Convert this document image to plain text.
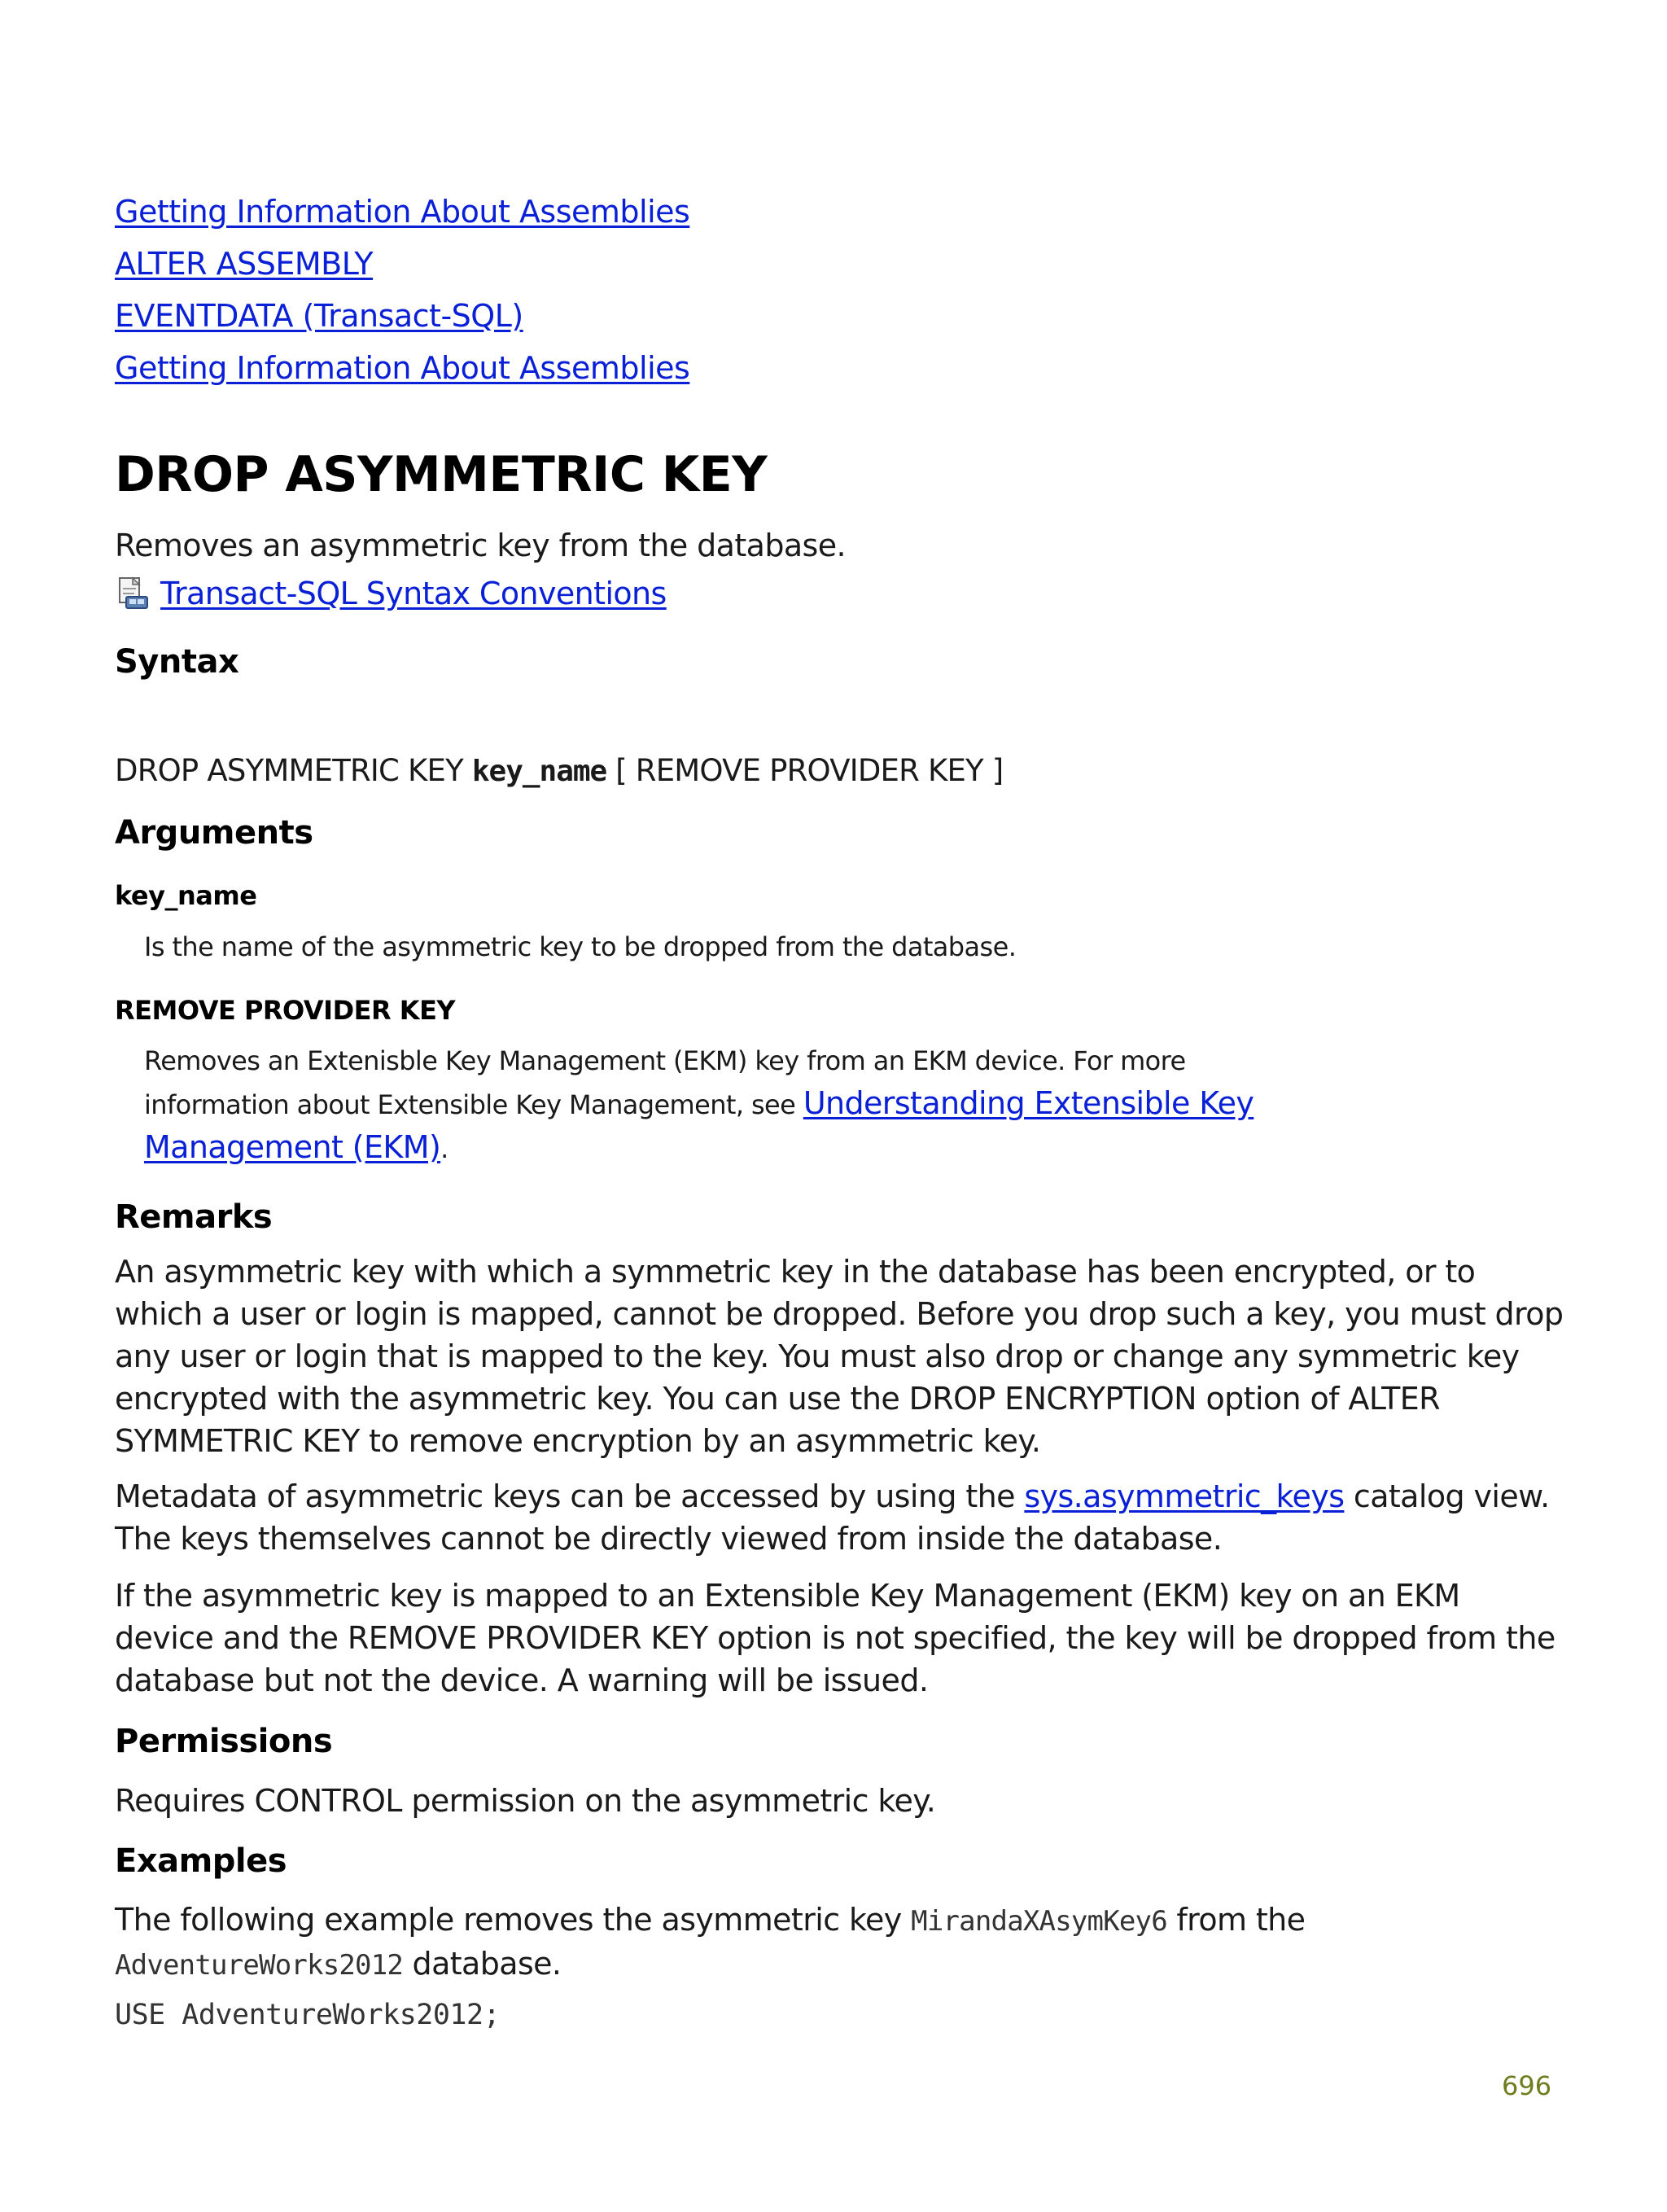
Getting Information About Assemblies
ALTER ASSEMBLY
EVENTDATA (Transact-SQL)
Getting Information About Assemblies
DROP ASYMMETRIC KEY
Removes an asymmetric key from the database.
Transact-SQL Syntax Conventions
Syntax
DROP ASYMMETRIC KEY key_name [ REMOVE PROVIDER KEY ]
Arguments
key_name
Is the name of the asymmetric key to be dropped from the database.
REMOVE PROVIDER KEY
Removes an Extenisble Key Management (EKM) key from an EKM device. For more information about Extensible Key Management, see Understanding Extensible Key Management (EKM).
Remarks

An asymmetric key with which a symmetric key in the database has been encrypted, or to which a user or login is mapped, cannot be dropped. Before you drop such a key, you must drop any user or login that is mapped to the key. You must also drop or change any symmetric key encrypted with the asymmetric key. You can use the DROP ENCRYPTION option of ALTER SYMMETRIC KEY to remove encryption by an asymmetric key.

Metadata of asymmetric keys can be accessed by using the sys.asymmetric_keys catalog view. The keys themselves cannot be directly viewed from inside the database.

If the asymmetric key is mapped to an Extensible Key Management (EKM) key on an EKM device and the REMOVE PROVIDER KEY option is not specified, the key will be dropped from the database but not the device. A warning will be issued.

Permissions

Requires CONTROL permission on the asymmetric key.

Examples

The following example removes the asymmetric key MirandaXAsymKey6 from the
AdventureWorks2012 database.

USE AdventureWorks2012;
696
